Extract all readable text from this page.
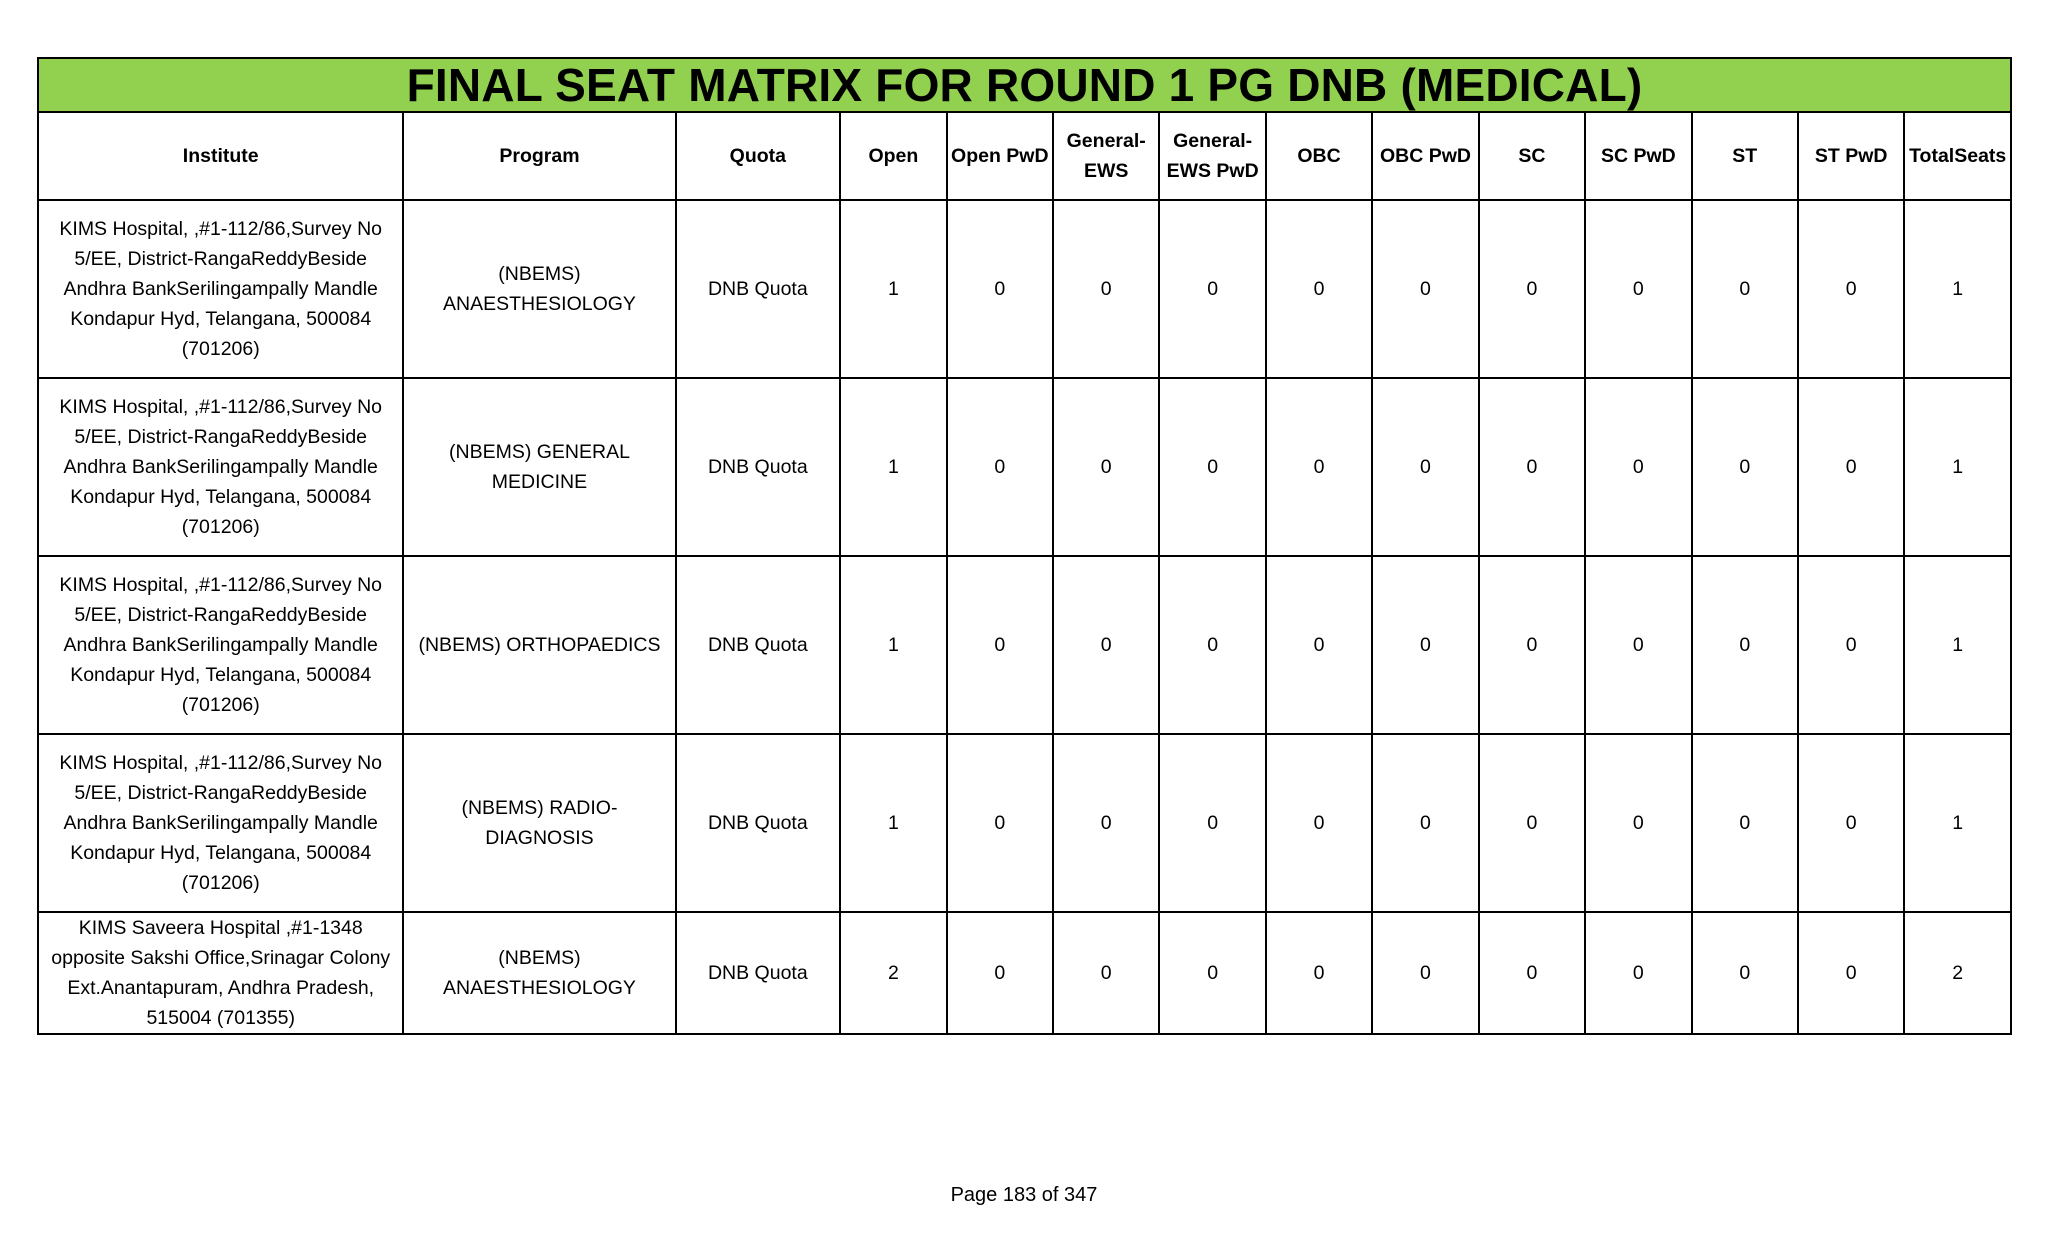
FINAL SEAT MATRIX FOR ROUND 1 PG DNB (MEDICAL)													
Institute	Program	Quota	Open	Open PwD	General-EWS	General-EWS PwD	OBC	OBC PwD	SC	SC PwD	ST	ST PwD	TotalSeats
KIMS Hospital, ,#1-112/86,Survey No 5/EE, District-RangaReddyBeside Andhra BankSerilingampally Mandle Kondapur Hyd, Telangana, 500084 (701206)	(NBEMS) ANAESTHESIOLOGY	DNB Quota	1	0	0	0	0	0	0	0	0	0	1
KIMS Hospital, ,#1-112/86,Survey No 5/EE, District-RangaReddyBeside Andhra BankSerilingampally Mandle Kondapur Hyd, Telangana, 500084 (701206)	(NBEMS) GENERAL MEDICINE	DNB Quota	1	0	0	0	0	0	0	0	0	0	1
KIMS Hospital, ,#1-112/86,Survey No 5/EE, District-RangaReddyBeside Andhra BankSerilingampally Mandle Kondapur Hyd, Telangana, 500084 (701206)	(NBEMS) ORTHOPAEDICS	DNB Quota	1	0	0	0	0	0	0	0	0	0	1
KIMS Hospital, ,#1-112/86,Survey No 5/EE, District-RangaReddyBeside Andhra BankSerilingampally Mandle Kondapur Hyd, Telangana, 500084 (701206)	(NBEMS) RADIO-DIAGNOSIS	DNB Quota	1	0	0	0	0	0	0	0	0	0	1
KIMS Saveera Hospital ,#1-1348 opposite Sakshi Office,Srinagar Colony Ext.Anantapuram, Andhra Pradesh, 515004 (701355)	(NBEMS) ANAESTHESIOLOGY	DNB Quota	2	0	0	0	0	0	0	0	0	0	2
Page 183 of 347
